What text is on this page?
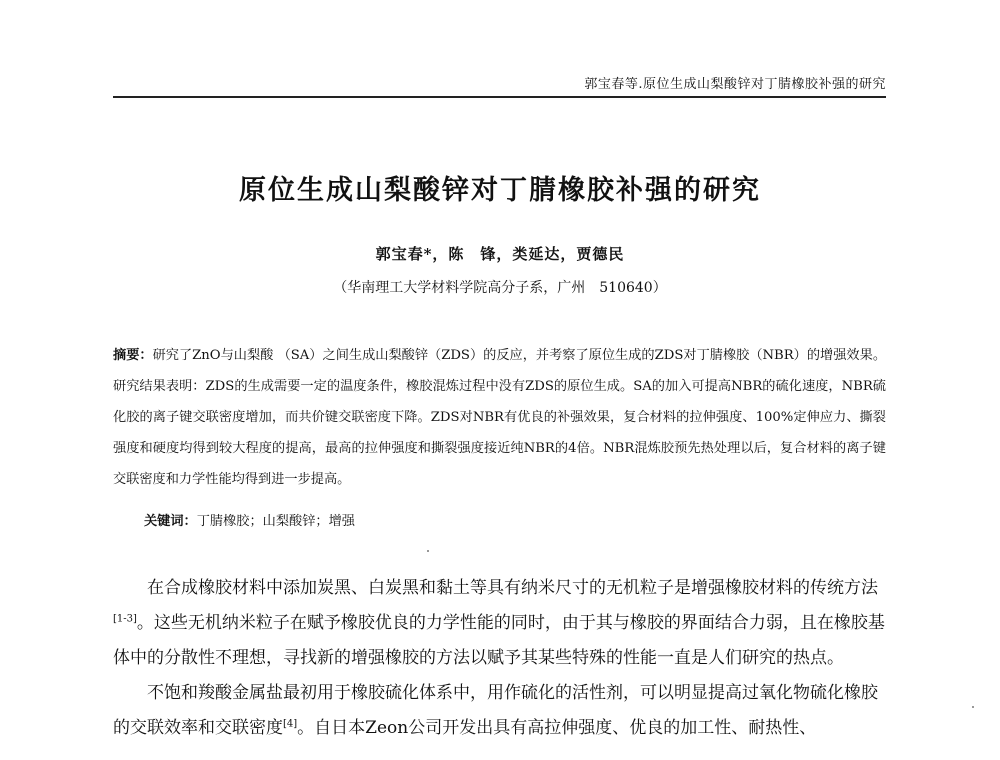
郭宝春等.原位生成山梨酸锌对丁腈橡胶补强的研究
原位生成山梨酸锌对丁腈橡胶补强的研究
郭宝春*，陈　锋，类延达，贾德民
（华南理工大学材料学院高分子系，广州　510640）
摘要：研究了ZnO与山梨酸 （SA）之间生成山梨酸锌（ZDS）的反应，并考察了原位生成的ZDS对丁腈橡胶（NBR）的增强效果。研究结果表明：ZDS的生成需要一定的温度条件，橡胶混炼过程中没有ZDS的原位生成。SA的加入可提高NBR的硫化速度，NBR硫化胶的离子键交联密度增加，而共价键交联密度下降。ZDS对NBR有优良的补强效果，复合材料的拉伸强度、100%定伸应力、撕裂强度和硬度均得到较大程度的提高，最高的拉伸强度和撕裂强度接近纯NBR的4倍。NBR混炼胶预先热处理以后，复合材料的离子键交联密度和力学性能均得到进一步提高。
关键词：丁腈橡胶；山梨酸锌；增强

在合成橡胶材料中添加炭黑、白炭黑和黏土等具有纳米尺寸的无机粒子是增强橡胶材料的传统方法[1-3]。这些无机纳米粒子在赋予橡胶优良的力学性能的同时，由于其与橡胶的界面结合力弱，且在橡胶基体中的分散性不理想，寻找新的增强橡胶的方法以赋予其某些特殊的性能一直是人们研究的热点。

不饱和羧酸金属盐最初用于橡胶硫化体系中，用作硫化的活性剂，可以明显提高过氧化物硫化橡胶的交联效率和交联密度[4]。自日本Zeon公司开发出具有高拉伸强度、优良的加工性、耐热性、
